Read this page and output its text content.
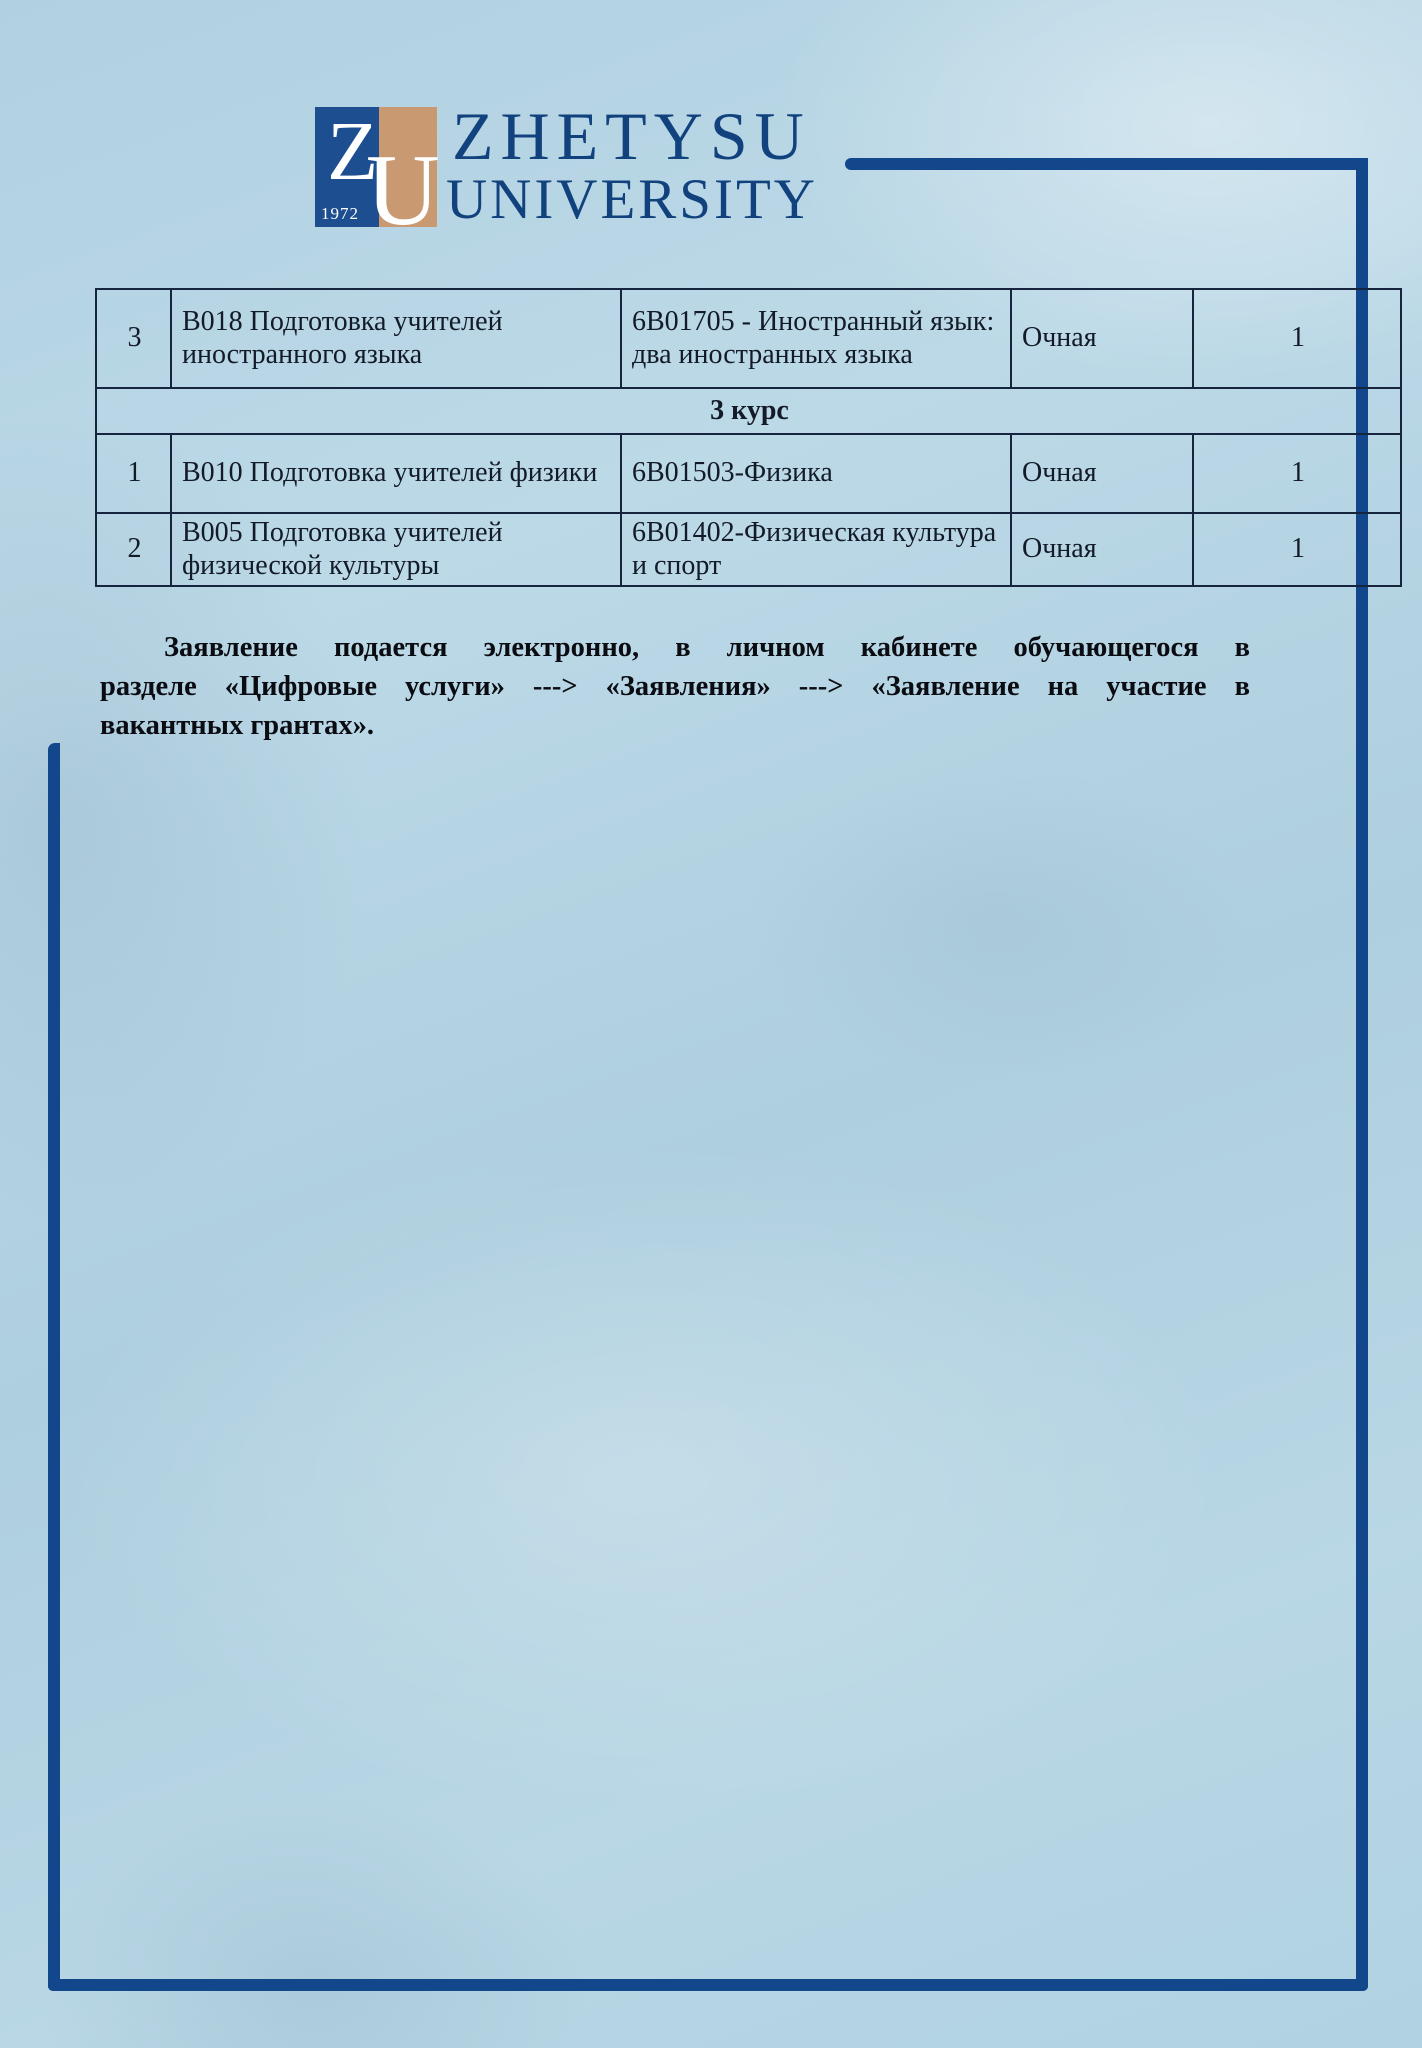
Z
U
1972
ZHETYSU
UNIVERSITY
3	В018 Подготовка учителей иностранного языка	6В01705 - Иностранный язык: два иностранных языка	Очная	1
3 курс				
1	В010 Подготовка учителей физики	6В01503-Физика	Очная	1
2	В005 Подготовка учителей физической культуры	6В01402-Физическая культура и спорт	Очная	1
Заявление подается электронно, в личном кабинете обучающегося в
разделе «Цифровые услуги» ---> «Заявления» ---> «Заявление на участие в
вакантных грантах».
